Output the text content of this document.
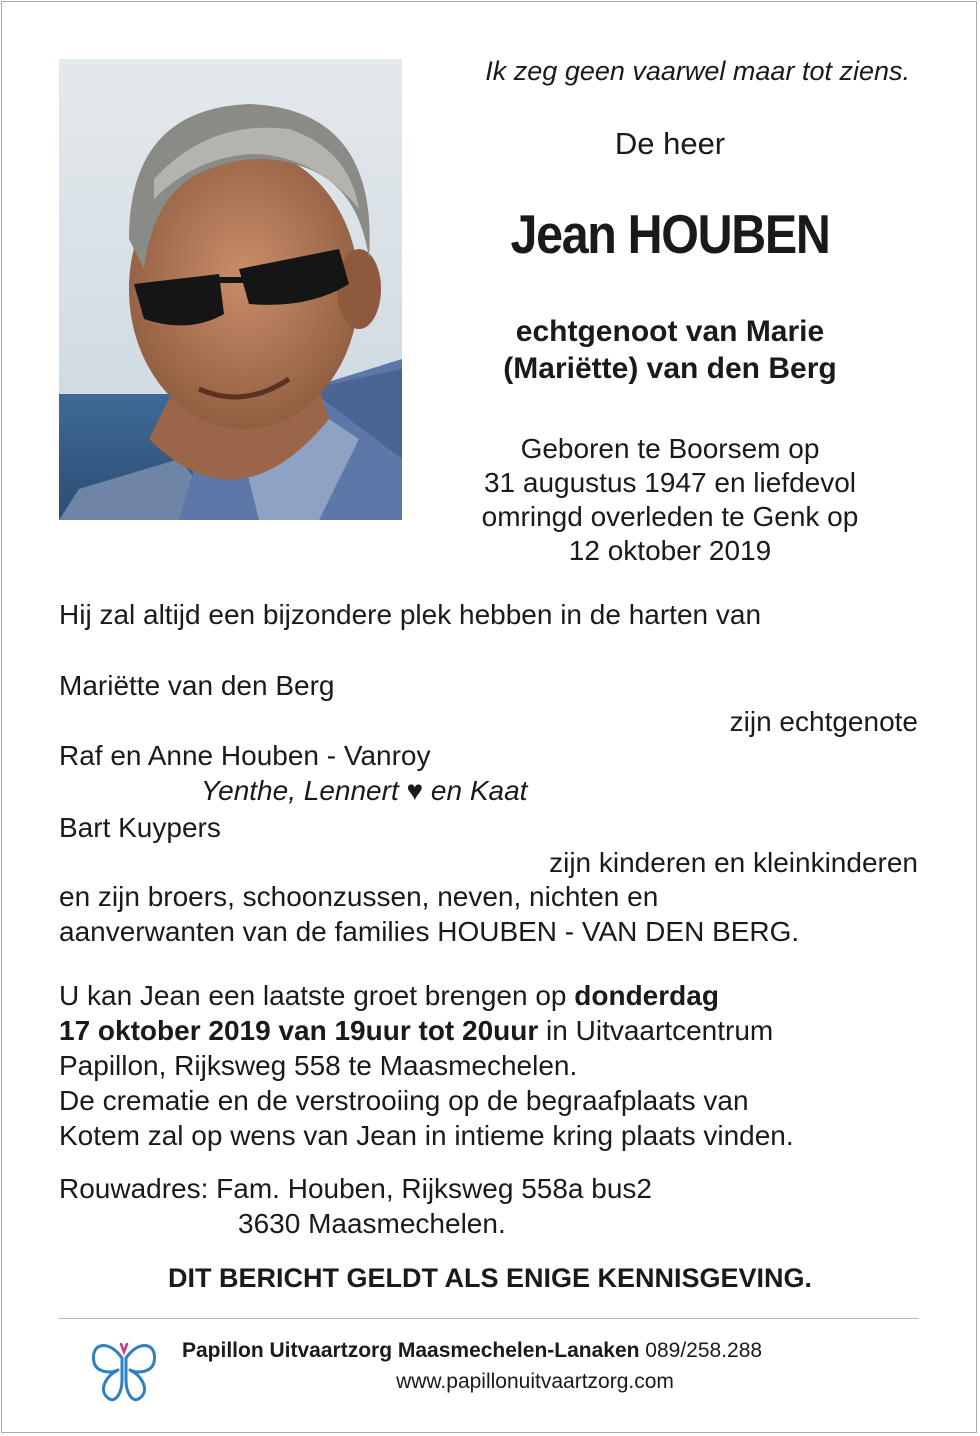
Ik zeg geen vaarwel maar tot ziens.
De heer
Jean HOUBEN
echtgenoot van Marie
(Mariëtte) van den Berg
Geboren te Boorsem op
31 augustus 1947 en liefdevol
omringd overleden te Genk op
12 oktober 2019
Hij zal altijd een bijzondere plek hebben in de harten van
Mariëtte van den Berg
zijn echtgenote
Raf en Anne Houben - Vanroy
Yenthe, Lennert ♥ en Kaat
Bart Kuypers
zijn kinderen en kleinkinderen
en zijn broers, schoonzussen, neven, nichten en
aanverwanten van de families HOUBEN - VAN DEN BERG.
U kan Jean een laatste groet brengen op donderdag
17 oktober 2019 van 19uur tot 20uur in Uitvaartcentrum
Papillon, Rijksweg 558 te Maasmechelen.
De crematie en de verstrooiing op de begraafplaats van
Kotem zal op wens van Jean in intieme kring plaats vinden.
Rouwadres: Fam. Houben, Rijksweg 558a bus2
3630 Maasmechelen.
DIT BERICHT GELDT ALS ENIGE KENNISGEVING.
Papillon Uitvaartzorg Maasmechelen-Lanaken 089/258.288
www.papillonuitvaartzorg.com
